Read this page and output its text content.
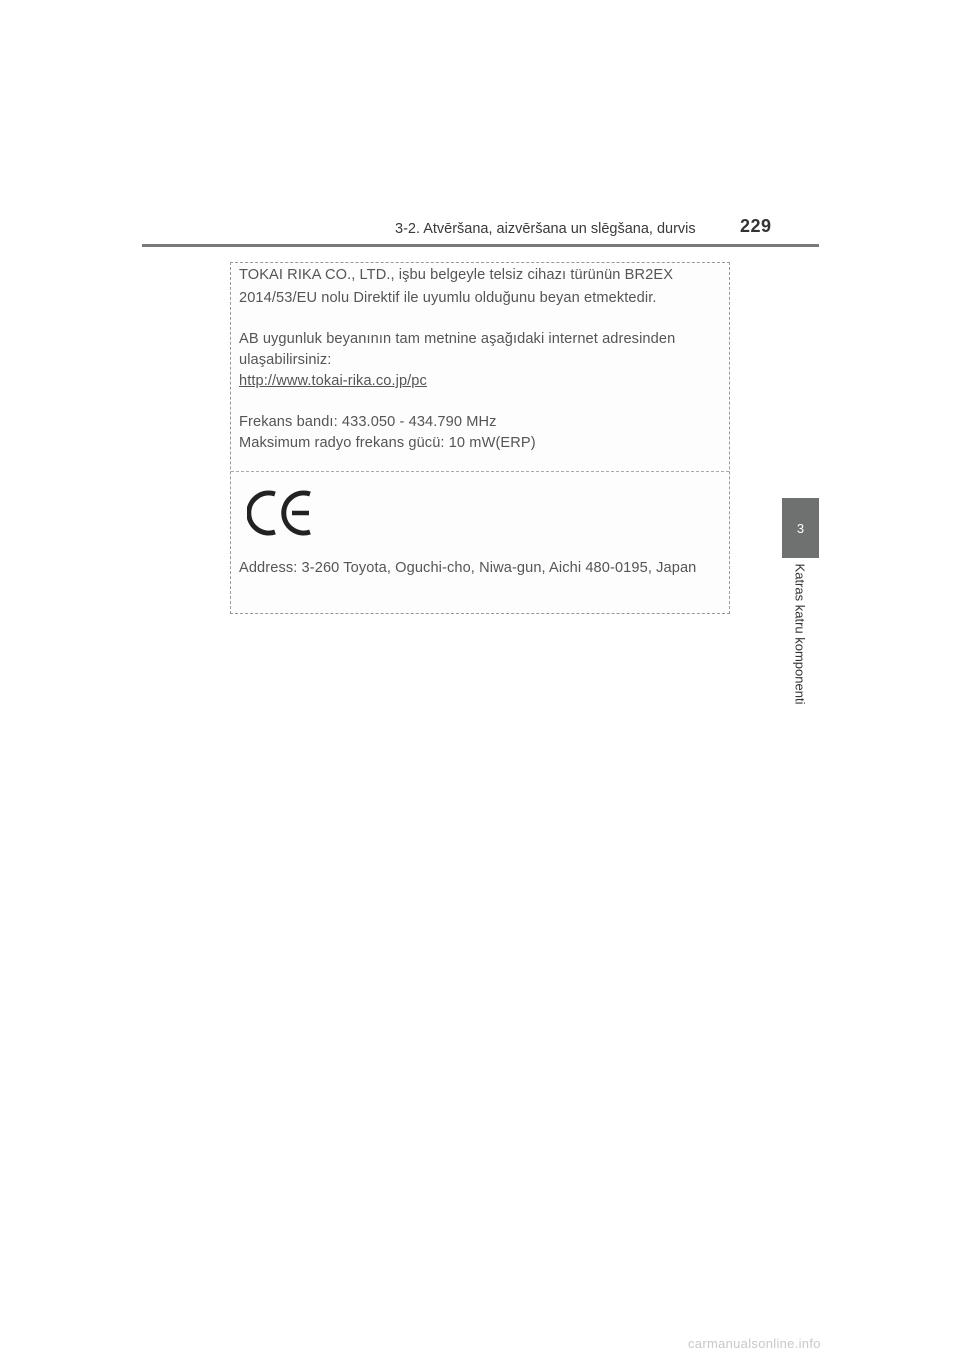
3-2. Atvēršana, aizvēršana un slēgšana, durvis 229
3
Katras katru komponenti
TOKAI RIKA CO., LTD., işbu belgeyle telsiz cihazı türünün BR2EX
2014/53/EU nolu Direktif ile uyumlu olduğunu beyan etmektedir.
AB uygunluk beyanının tam metnine aşağıdaki internet adresinden
ulaşabilirsiniz:
http://www.tokai-rika.co.jp/pc
Frekans bandı: 433.050 - 434.790 MHz
Maksimum radyo frekans gücü: 10 mW(ERP)
Address: 3-260 Toyota, Oguchi-cho, Niwa-gun, Aichi 480-0195, Japan
carmanualsonline.info
